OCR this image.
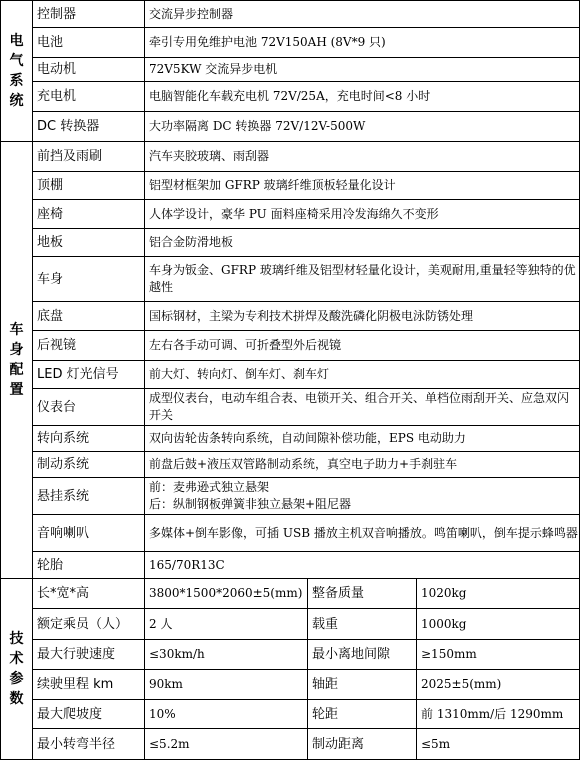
电气系统	控制器	交流异步控制器		
	电池	牵引专用免维护电池 72V150AH (8V*9 只)		
	电动机	72V5KW 交流异步电机		
	充电机	电脑智能化车载充电机 72V/25A，充电时间<8 小时		
	DC 转换器	大功率隔离 DC 转换器 72V/12V-500W		
车身配置	前挡及雨刷	汽车夹胶玻璃、雨刮器		
	顶棚	铝型材框架加 GFRP 玻璃纤维顶板轻量化设计		
	座椅	人体学设计，豪华 PU 面料座椅采用冷发海绵久不变形		
	地板	铝合金防滑地板		
	车身	车身为钣金、GFRP 玻璃纤维及铝型材轻量化设计，美观耐用,重量轻等独特的优越性		
	底盘	国标钢材，主梁为专利技术拼焊及酸洗磷化阴极电泳防锈处理		
	后视镜	左右各手动可调、可折叠型外后视镜		
	LED 灯光信号	前大灯、转向灯、倒车灯、刹车灯		
	仪表台	成型仪表台，电动车组合表、电锁开关、组合开关、单档位雨刮开关、应急双闪开关		
	转向系统	双向齿轮齿条转向系统，自动间隙补偿功能，EPS 电动助力		
	制动系统	前盘后鼓+液压双管路制动系统，真空电子助力+手刹驻车		
	悬挂系统	前：麦弗逊式独立悬架
后：纵制钢板弹簧非独立悬架+阻尼器		

	音响喇叭	多媒体+倒车影像，可插 USB 播放主机双音响播放。鸣笛喇叭，倒车提示蜂鸣器		
	轮胎	165/70R13C		
技术参数	长*宽*高	3800*1500*2060±5(mm)	整备质量	1020kg
	额定乘员（人）	2 人	载重	1000kg
	最大行驶速度	≤30km/h	最小离地间隙	≥150mm
	续驶里程 km	90km	轴距	2025±5(mm)
	最大爬坡度	10%	轮距	前 1310mm/后 1290mm
	最小转弯半径	≤5.2m	制动距离	≤5m
